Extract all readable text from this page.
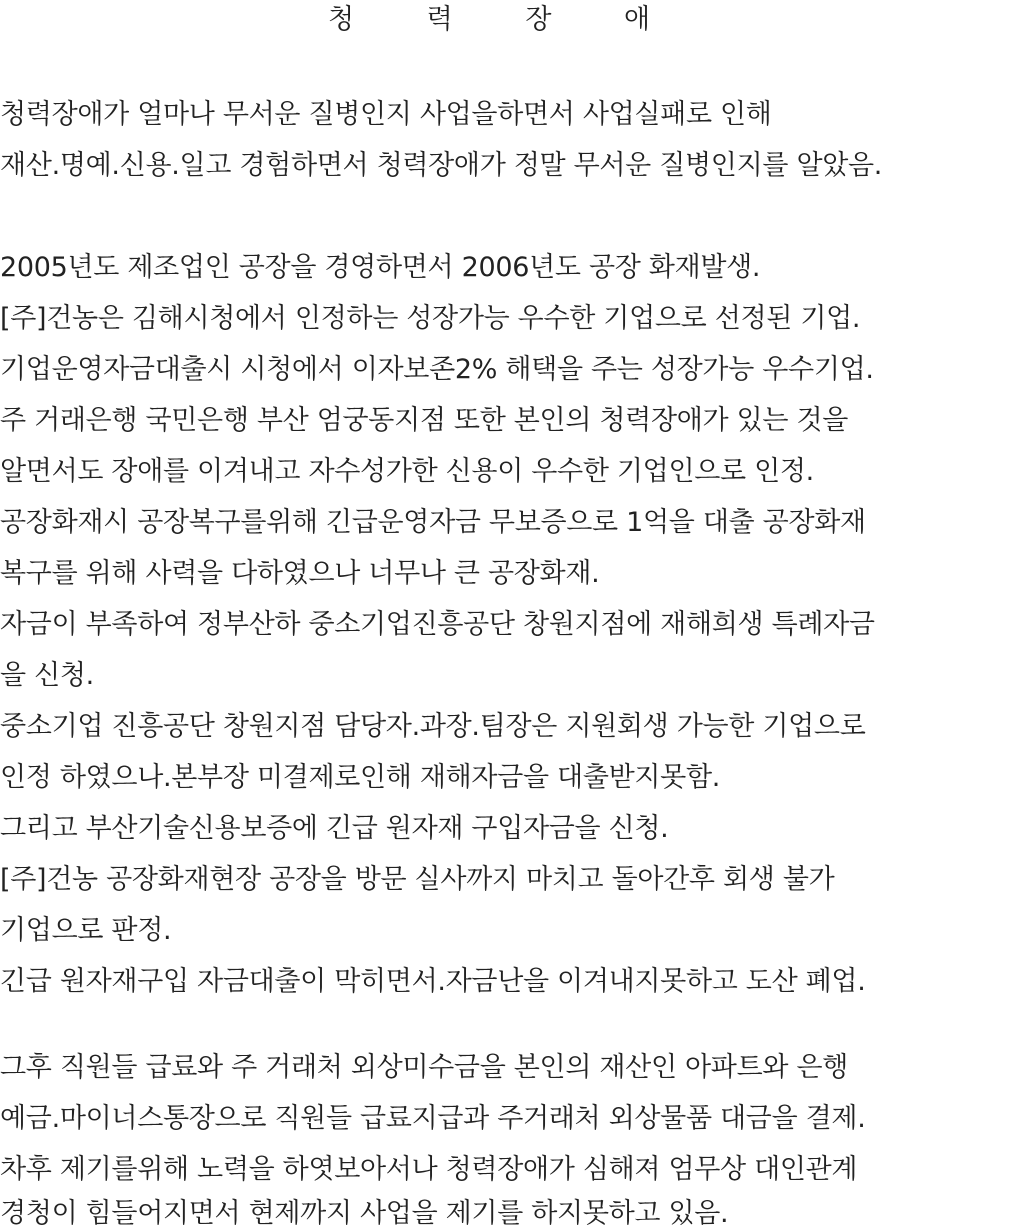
청 력 장 애
청력장애가 얼마나 무서운 질병인지 사업을하면서 사업실패로 인해
재산.명예.신용.일고 경험하면서 청력장애가 정말 무서운 질병인지를 알았음.
2005년도 제조업인 공장을 경영하면서 2006년도 공장 화재발생.
[주]건농은 김해시청에서 인정하는 성장가능 우수한 기업으로 선정된 기업.
기업운영자금대출시 시청에서 이자보존2% 해택을 주는 성장가능 우수기업.
주 거래은행 국민은행 부산 엄궁동지점 또한 본인의 청력장애가 있는 것을
알면서도 장애를 이겨내고 자수성가한 신용이 우수한 기업인으로 인정.
공장화재시 공장복구를위해 긴급운영자금 무보증으로 1억을 대출 공장화재
복구를 위해 사력을 다하였으나 너무나 큰 공장화재.
자금이 부족하여 정부산하 중소기업진흥공단 창원지점에 재해희생 특례자금
을 신청.
중소기업 진흥공단 창원지점 담당자.과장.팀장은 지원회생 가능한 기업으로
인정 하였으나.본부장 미결제로인해 재해자금을 대출받지못함.
그리고 부산기술신용보증에 긴급 원자재 구입자금을 신청.
[주]건농 공장화재현장 공장을 방문 실사까지 마치고 돌아간후 회생 불가
기업으로 판정.
긴급 원자재구입 자금대출이 막히면서.자금난을 이겨내지못하고 도산 폐업.
그후 직원들 급료와 주 거래처 외상미수금을 본인의 재산인 아파트와 은행
예금.마이너스통장으로 직원들 급료지급과 주거래처 외상물품 대금을 결제.
차후 제기를위해 노력을 하엿보아서나 청력장애가 심해져 엄무상 대인관계
경청이 힘들어지면서 현제까지 사업을 제기를 하지못하고 있음.
